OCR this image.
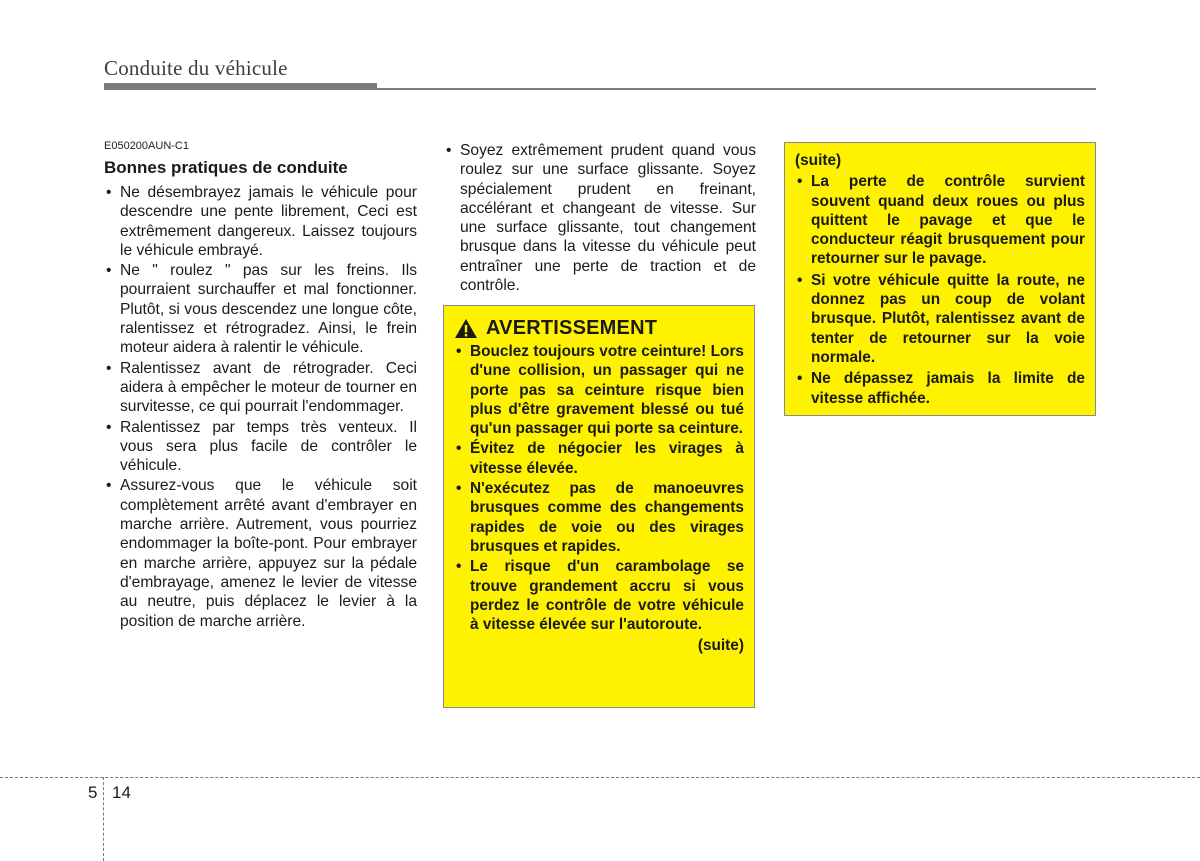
Conduite du véhicule
E050200AUN-C1
Bonnes pratiques de conduite
• Ne désembrayez jamais le véhicule pour descendre une pente librement, Ceci est extrêmement dangereux. Laissez toujours le véhicule embrayé.
• Ne " roulez " pas sur les freins. Ils pourraient surchauffer et mal fonctionner. Plutôt, si vous descendez une longue côte, ralentissez et rétrogradez. Ainsi, le frein moteur aidera à ralentir le véhicule.
• Ralentissez avant de rétrograder. Ceci aidera à empêcher le moteur de tourner en survitesse, ce qui pourrait l'endommager.
• Ralentissez par temps très venteux. Il vous sera plus facile de contrôler le véhicule.
• Assurez-vous que le véhicule soit complètement arrêté avant d'embrayer en marche arrière. Autrement, vous pourriez endommager la boîte-pont. Pour embrayer en marche arrière, appuyez sur la pédale d'embrayage, amenez le levier de vitesse au neutre, puis déplacez le levier à la position de marche arrière.
• Soyez extrêmement prudent quand vous roulez sur une surface glissante. Soyez spécialement prudent en freinant, accélérant et changeant de vitesse. Sur une surface glissante, tout changement brusque dans la vitesse du véhicule peut entraîner une perte de traction et de contrôle.
AVERTISSEMENT
• Bouclez toujours votre ceinture! Lors d'une collision, un passager qui ne porte pas sa ceinture risque bien plus d'être gravement blessé ou tué qu'un passager qui porte sa ceinture.
• Évitez de négocier les virages à vitesse élevée.
• N'exécutez pas de manoeuvres brusques comme des changements rapides de voie ou des virages brusques et rapides.
• Le risque d'un carambolage se trouve grandement accru si vous perdez le contrôle de votre véhicule à vitesse élevée sur l'autoroute.
(suite)
(suite)
• La perte de contrôle survient souvent quand deux roues ou plus quittent le pavage et que le conducteur réagit brusquement pour retourner sur le pavage.
• Si votre véhicule quitte la route, ne donnez pas un coup de volant brusque. Plutôt, ralentissez avant de tenter de retourner sur la voie normale.
• Ne dépassez jamais la limite de vitesse affichée.
5 14
